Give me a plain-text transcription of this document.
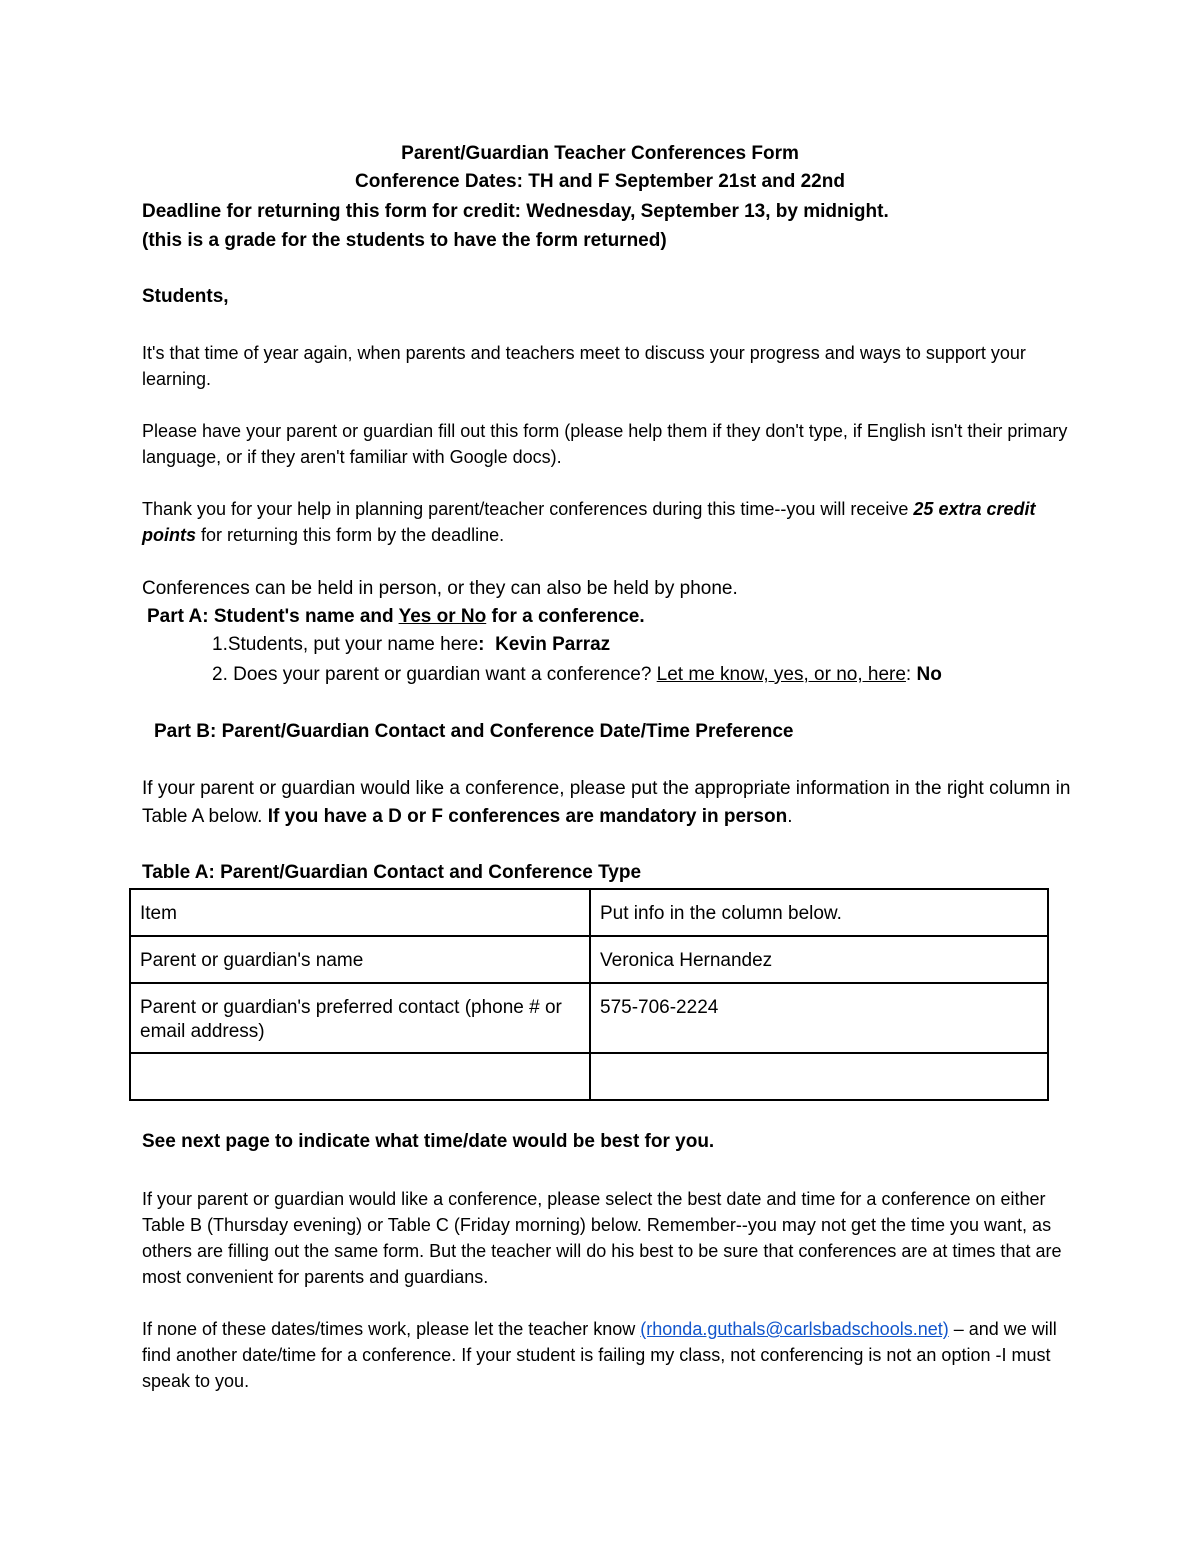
Parent/Guardian Teacher Conferences Form
Conference Dates: TH and F September 21st and 22nd
Deadline for returning this form for credit: Wednesday, September 13, by midnight.
(this is a grade for the students to have the form returned)
Students,
It's that time of year again, when parents and teachers meet to discuss your progress and ways to support your learning.
Please have your parent or guardian fill out this form (please help them if they don't type, if English isn't their primary language, or if they aren't familiar with Google docs).
Thank you for your help in planning parent/teacher conferences during this time--you will receive 25 extra credit points for returning this form by the deadline.
Conferences can be held in person, or they can also be held by phone.
Part A: Student's name and Yes or No for a conference.
1.Students, put your name here: Kevin Parraz
2. Does your parent or guardian want a conference? Let me know, yes, or no, here: No
Part B: Parent/Guardian Contact and Conference Date/Time Preference
If your parent or guardian would like a conference, please put the appropriate information in the right column in Table A below. If you have a D or F conferences are mandatory in person.
Table A: Parent/Guardian Contact and Conference Type
Item	Put info in the column below.
Parent or guardian's name	Veronica Hernandez
Parent or guardian's preferred contact (phone # or email address)	575-706-2224

See next page to indicate what time/date would be best for you.
If your parent or guardian would like a conference, please select the best date and time for a conference on either Table B (Thursday evening) or Table C (Friday morning) below. Remember--you may not get the time you want, as others are filling out the same form. But the teacher will do his best to be sure that conferences are at times that are most convenient for parents and guardians.
If none of these dates/times work, please let the teacher know (rhonda.guthals@carlsbadschools.net) – and we will find another date/time for a conference. If your student is failing my class, not conferencing is not an option -I must speak to you.
